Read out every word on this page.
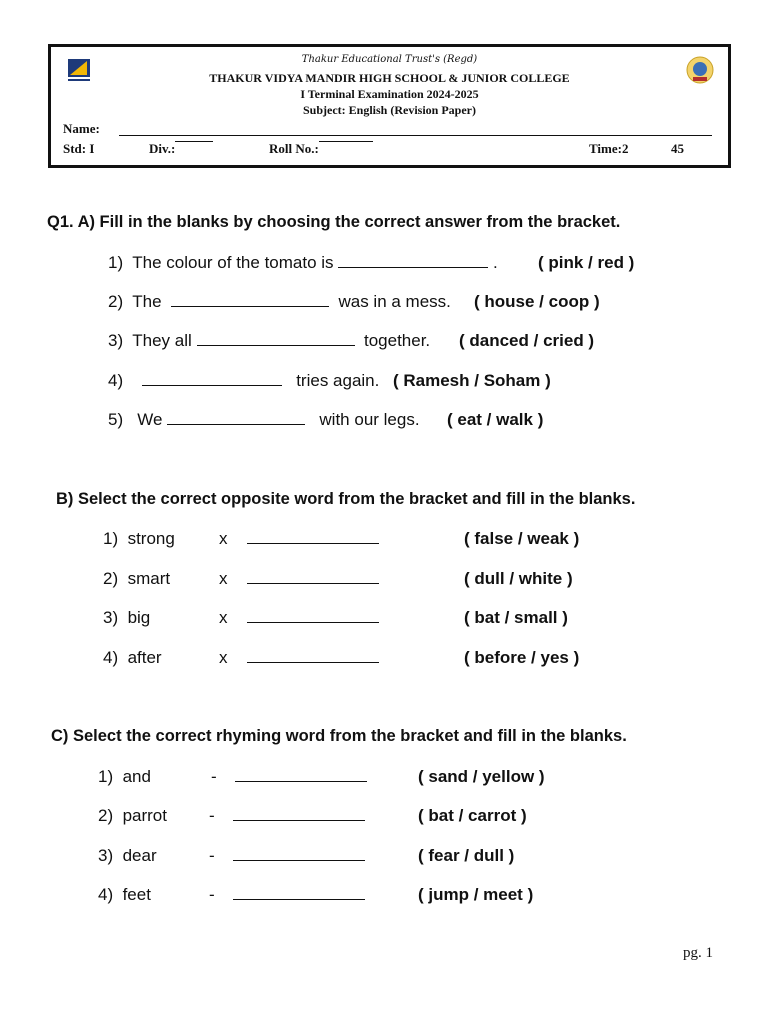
Thakur Educational Trust's (Regd)
THAKUR VIDYA MANDIR HIGH SCHOOL & JUNIOR COLLEGE
I Terminal Examination 2024-2025
Subject: English (Revision Paper)
Name:
Std: I	Div.:	Roll No.:	Time:2	45
Q1. A) Fill in the blanks by choosing the correct answer from the bracket.
1) The colour of the tomato is	. ( pink / red )
2) The	was in a mess. ( house / coop )
3) They all	together. ( danced / cried )
4)	tries again. ( Ramesh / Soham )
5) We	with our legs. ( eat / walk )
B) Select the correct opposite word from the bracket and fill in the blanks.
1) strong	x	( false / weak )
2) smart	x	( dull / white )
3) big	x	( bat / small )
4) after	x	( before / yes )
C) Select the correct rhyming word from the bracket and fill in the blanks.
1) and	-	( sand / yellow )
2) parrot -	( bat / carrot )
3) dear	-	( fear / dull )
4) feet	-	( jump / meet )
pg. 1
